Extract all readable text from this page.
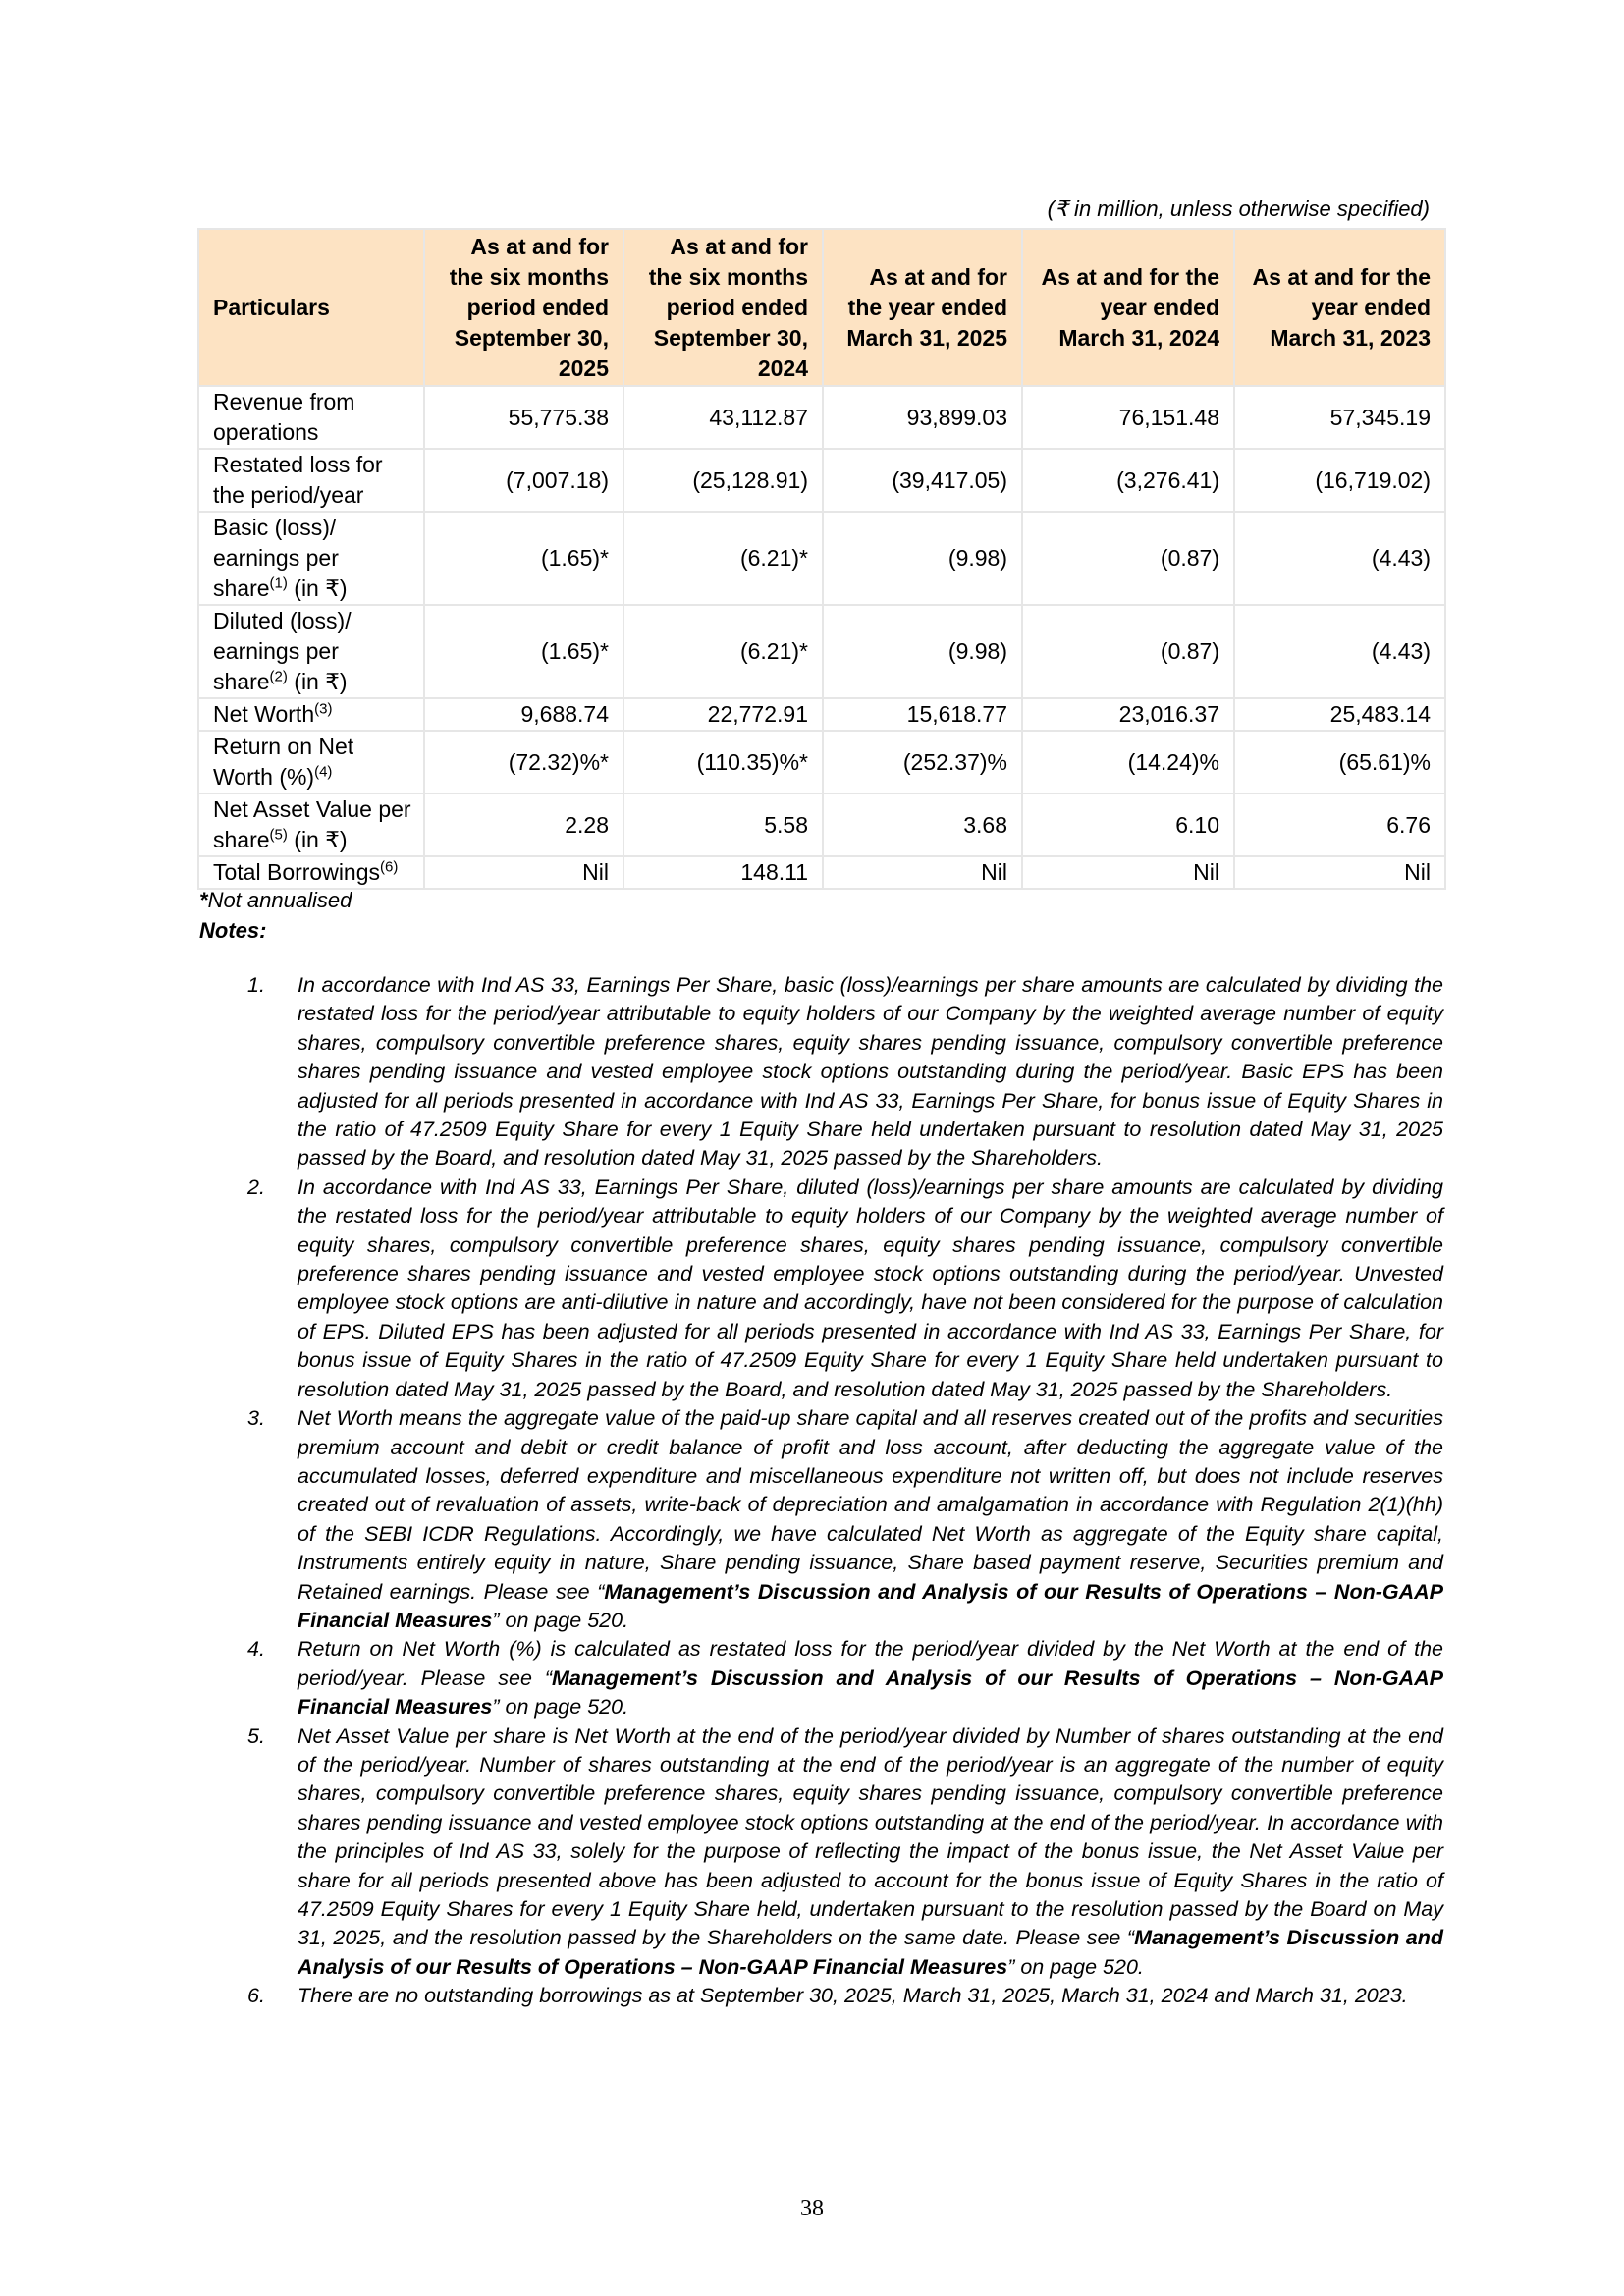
(₹ in million, unless otherwise specified)
Particulars	As at and for the six months period ended September 30, 2025	As at and for the six months period ended September 30, 2024	As at and for the year ended March 31, 2025	As at and for the year ended March 31, 2024	As at and for the year ended March 31, 2023
Revenue from operations	55,775.38	43,112.87	93,899.03	76,151.48	57,345.19
Restated loss for the period/year	(7,007.18)	(25,128.91)	(39,417.05)	(3,276.41)	(16,719.02)
Basic (loss)/ earnings per share$^{(1)}$ (in ₹)	(1.65)*	(6.21)*	(9.98)	(0.87)	(4.43)
Diluted (loss)/ earnings per share$^{(2)}$ (in ₹)	(1.65)*	(6.21)*	(9.98)	(0.87)	(4.43)
Net Worth$^{(3)}$	9,688.74	22,772.91	15,618.77	23,016.37	25,483.14
Return on Net Worth (%)$^{(4)}$	(72.32)%*	(110.35)%*	(252.37)%	(14.24)%	(65.61)%
Net Asset Value per share$^{(5)}$ (in ₹)	2.28	5.58	3.68	6.10	6.76
Total Borrowings$^{(6)}$	Nil	148.11	Nil	Nil	Nil
*Not annualised
Notes:
1. In accordance with Ind AS 33, Earnings Per Share, basic (loss)/earnings per share amounts are calculated by dividing the restated loss for the period/year attributable to equity holders of our Company by the weighted average number of equity shares, compulsory convertible preference shares, equity shares pending issuance, compulsory convertible preference shares pending issuance and vested employee stock options outstanding during the period/year. Basic EPS has been adjusted for all periods presented in accordance with Ind AS 33, Earnings Per Share, for bonus issue of Equity Shares in the ratio of 47.2509 Equity Share for every 1 Equity Share held undertaken pursuant to resolution dated May 31, 2025 passed by the Board, and resolution dated May 31, 2025 passed by the Shareholders.
2. In accordance with Ind AS 33, Earnings Per Share, diluted (loss)/earnings per share amounts are calculated by dividing the restated loss for the period/year attributable to equity holders of our Company by the weighted average number of equity shares, compulsory convertible preference shares, equity shares pending issuance, compulsory convertible preference shares pending issuance and vested employee stock options outstanding during the period/year. Unvested employee stock options are anti-dilutive in nature and accordingly, have not been considered for the purpose of calculation of EPS. Diluted EPS has been adjusted for all periods presented in accordance with Ind AS 33, Earnings Per Share, for bonus issue of Equity Shares in the ratio of 47.2509 Equity Share for every 1 Equity Share held undertaken pursuant to resolution dated May 31, 2025 passed by the Board, and resolution dated May 31, 2025 passed by the Shareholders.
3. Net Worth means the aggregate value of the paid-up share capital and all reserves created out of the profits and securities premium account and debit or credit balance of profit and loss account, after deducting the aggregate value of the accumulated losses, deferred expenditure and miscellaneous expenditure not written off, but does not include reserves created out of revaluation of assets, write-back of depreciation and amalgamation in accordance with Regulation 2(1)(hh) of the SEBI ICDR Regulations. Accordingly, we have calculated Net Worth as aggregate of the Equity share capital, Instruments entirely equity in nature, Share pending issuance, Share based payment reserve, Securities premium and Retained earnings. Please see “Management’s Discussion and Analysis of our Results of Operations – Non-GAAP Financial Measures” on page 520.
4. Return on Net Worth (%) is calculated as restated loss for the period/year divided by the Net Worth at the end of the period/year. Please see “Management’s Discussion and Analysis of our Results of Operations – Non-GAAP Financial Measures” on page 520.
5. Net Asset Value per share is Net Worth at the end of the period/year divided by Number of shares outstanding at the end of the period/year. Number of shares outstanding at the end of the period/year is an aggregate of the number of equity shares, compulsory convertible preference shares, equity shares pending issuance, compulsory convertible preference shares pending issuance and vested employee stock options outstanding at the end of the period/year. In accordance with the principles of Ind AS 33, solely for the purpose of reflecting the impact of the bonus issue, the Net Asset Value per share for all periods presented above has been adjusted to account for the bonus issue of Equity Shares in the ratio of 47.2509 Equity Shares for every 1 Equity Share held, undertaken pursuant to the resolution passed by the Board on May 31, 2025, and the resolution passed by the Shareholders on the same date. Please see “Management’s Discussion and Analysis of our Results of Operations – Non-GAAP Financial Measures” on page 520.
6. There are no outstanding borrowings as at September 30, 2025, March 31, 2025, March 31, 2024 and March 31, 2023.
38
